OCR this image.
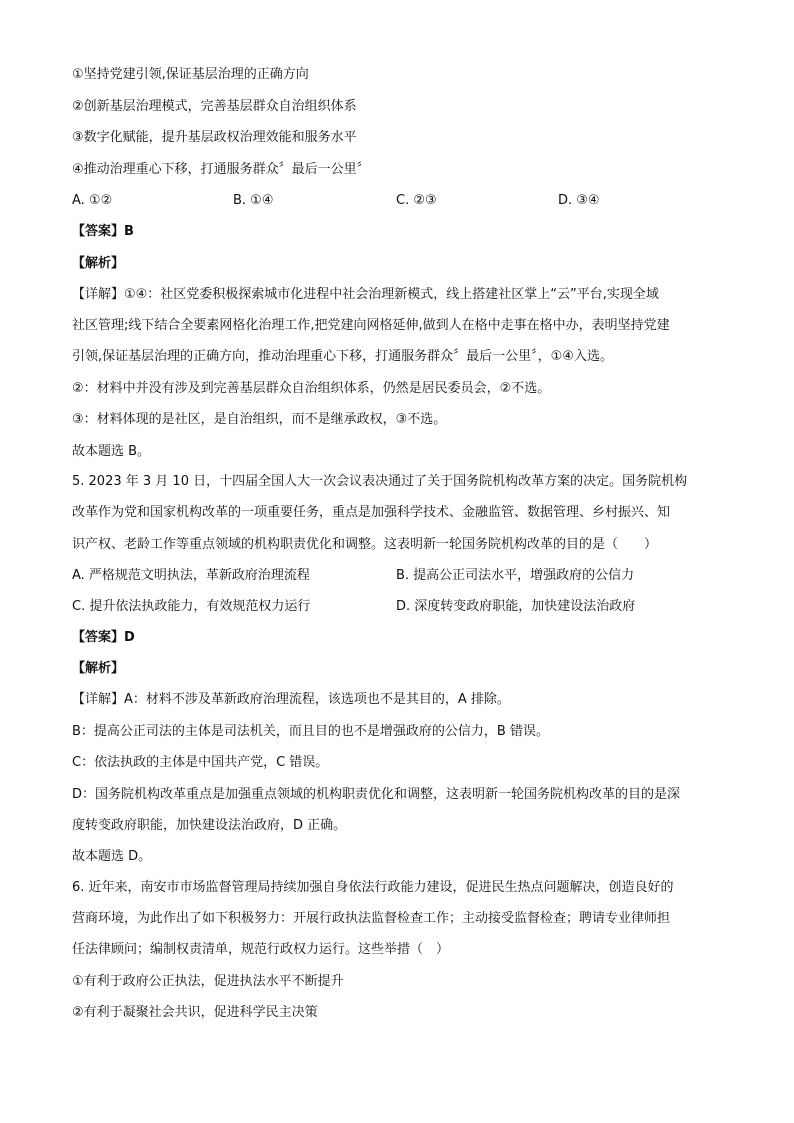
①坚持党建引领,保证基层治理的正确方向
②创新基层治理模式，完善基层群众自治组织体系
③数字化赋能，提升基层政权治理效能和服务水平
④推动治理重心下移，打通服务群众〞最后一公里〞
A. ①②	B. ①④	C. ②③	D. ③④
【答案】B
【解析】
【详解】①④：社区党委积极探索城市化进程中社会治理新模式，线上搭建社区掌上“云”平台,实现全域
社区管理;线下结合全要素网格化治理工作,把党建向网格延伸,做到人在格中走事在格中办，表明坚持党建
引领,保证基层治理的正确方向，推动治理重心下移，打通服务群众〞最后一公里〞，①④入选。
②：材料中并没有涉及到完善基层群众自治组织体系，仍然是居民委员会，②不选。
③：材料体现的是社区，是自治组织，而不是继承政权，③不选。
故本题选 B。
5. 2023 年 3 月 10 日，十四届全国人大一次会议表决通过了关于国务院机构改革方案的决定。国务院机构
改革作为党和国家机构改革的一项重要任务，重点是加强科学技术、金融监管、数据管理、乡村振兴、知
识产权、老龄工作等重点领域的机构职责优化和调整。这表明新一轮国务院机构改革的目的是（　　）
A. 严格规范文明执法，革新政府治理流程	B. 提高公正司法水平，增强政府的公信力
C. 提升依法执政能力，有效规范权力运行	D. 深度转变政府职能，加快建设法治政府
【答案】D
【解析】
【详解】A：材料不涉及革新政府治理流程，该选项也不是其目的，A 排除。
B：提高公正司法的主体是司法机关，而且目的也不是增强政府的公信力，B 错误。
C：依法执政的主体是中国共产党，C 错误。
D：国务院机构改革重点是加强重点领域的机构职责优化和调整，这表明新一轮国务院机构改革的目的是深
度转变政府职能，加快建设法治政府，D 正确。
故本题选 D。
6. 近年来，南安市市场监督管理局持续加强自身依法行政能力建设，促进民生热点问题解决，创造良好的
营商环境，为此作出了如下积极努力：开展行政执法监督检查工作；主动接受监督检查；聘请专业律师担
任法律顾问；编制权责清单，规范行政权力运行。这些举措（　）
①有利于政府公正执法，促进执法水平不断提升
②有利于凝聚社会共识，促进科学民主决策
